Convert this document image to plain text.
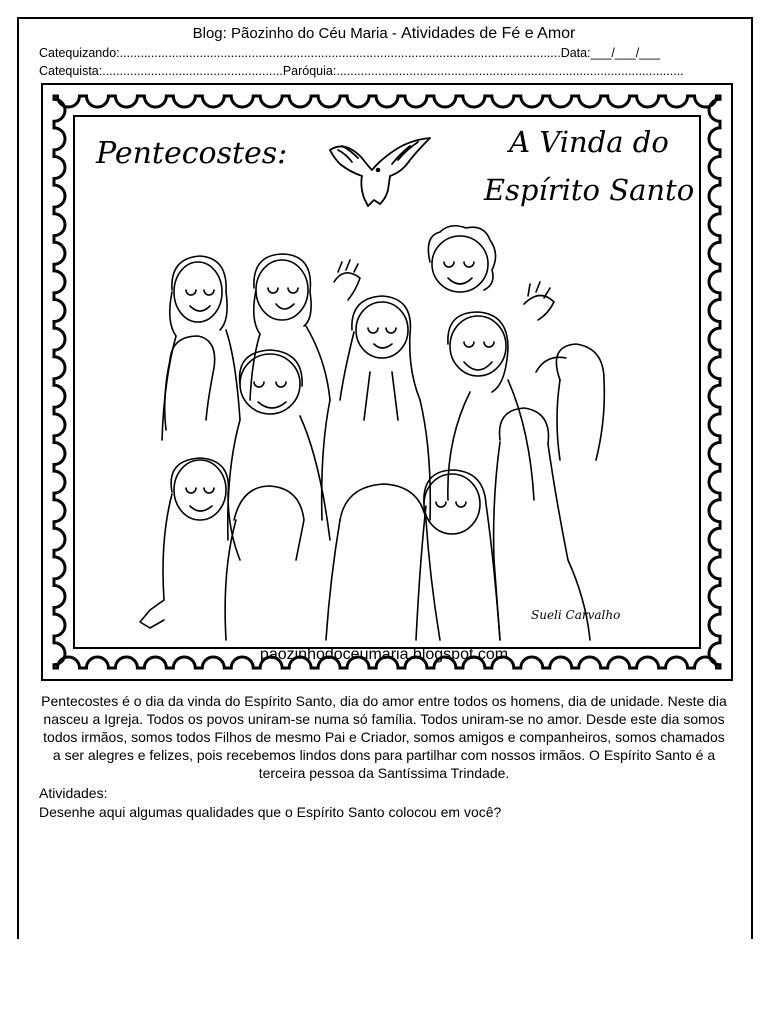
Blog: Pãozinho do Céu Maria - Atividades de Fé e Amor
Catequizando:...............................................................................................................................Data:___/___/___
Catequista:....................................................Paróquia:....................................................................................................
Pentecostes:	A Vinda do
Espírito Santo
Sueli Carvalho
paozinhodoceumaria.blogspot.com

Pentecostes é o dia da vinda do Espírito Santo, dia do amor entre todos os homens, dia de unidade. Neste dia nasceu a Igreja. Todos os povos uniram-se numa só família. Todos uniram-se no amor. Desde este dia somos todos irmãos, somos todos Filhos de mesmo Pai e Criador, somos amigos e companheiros, somos chamados a ser alegres e felizes, pois recebemos lindos dons para partilhar com nossos irmãos. O Espírito Santo é a terceira pessoa da Santíssima Trindade.

Atividades:
Desenhe aqui algumas qualidades que o Espírito Santo colocou em você?
